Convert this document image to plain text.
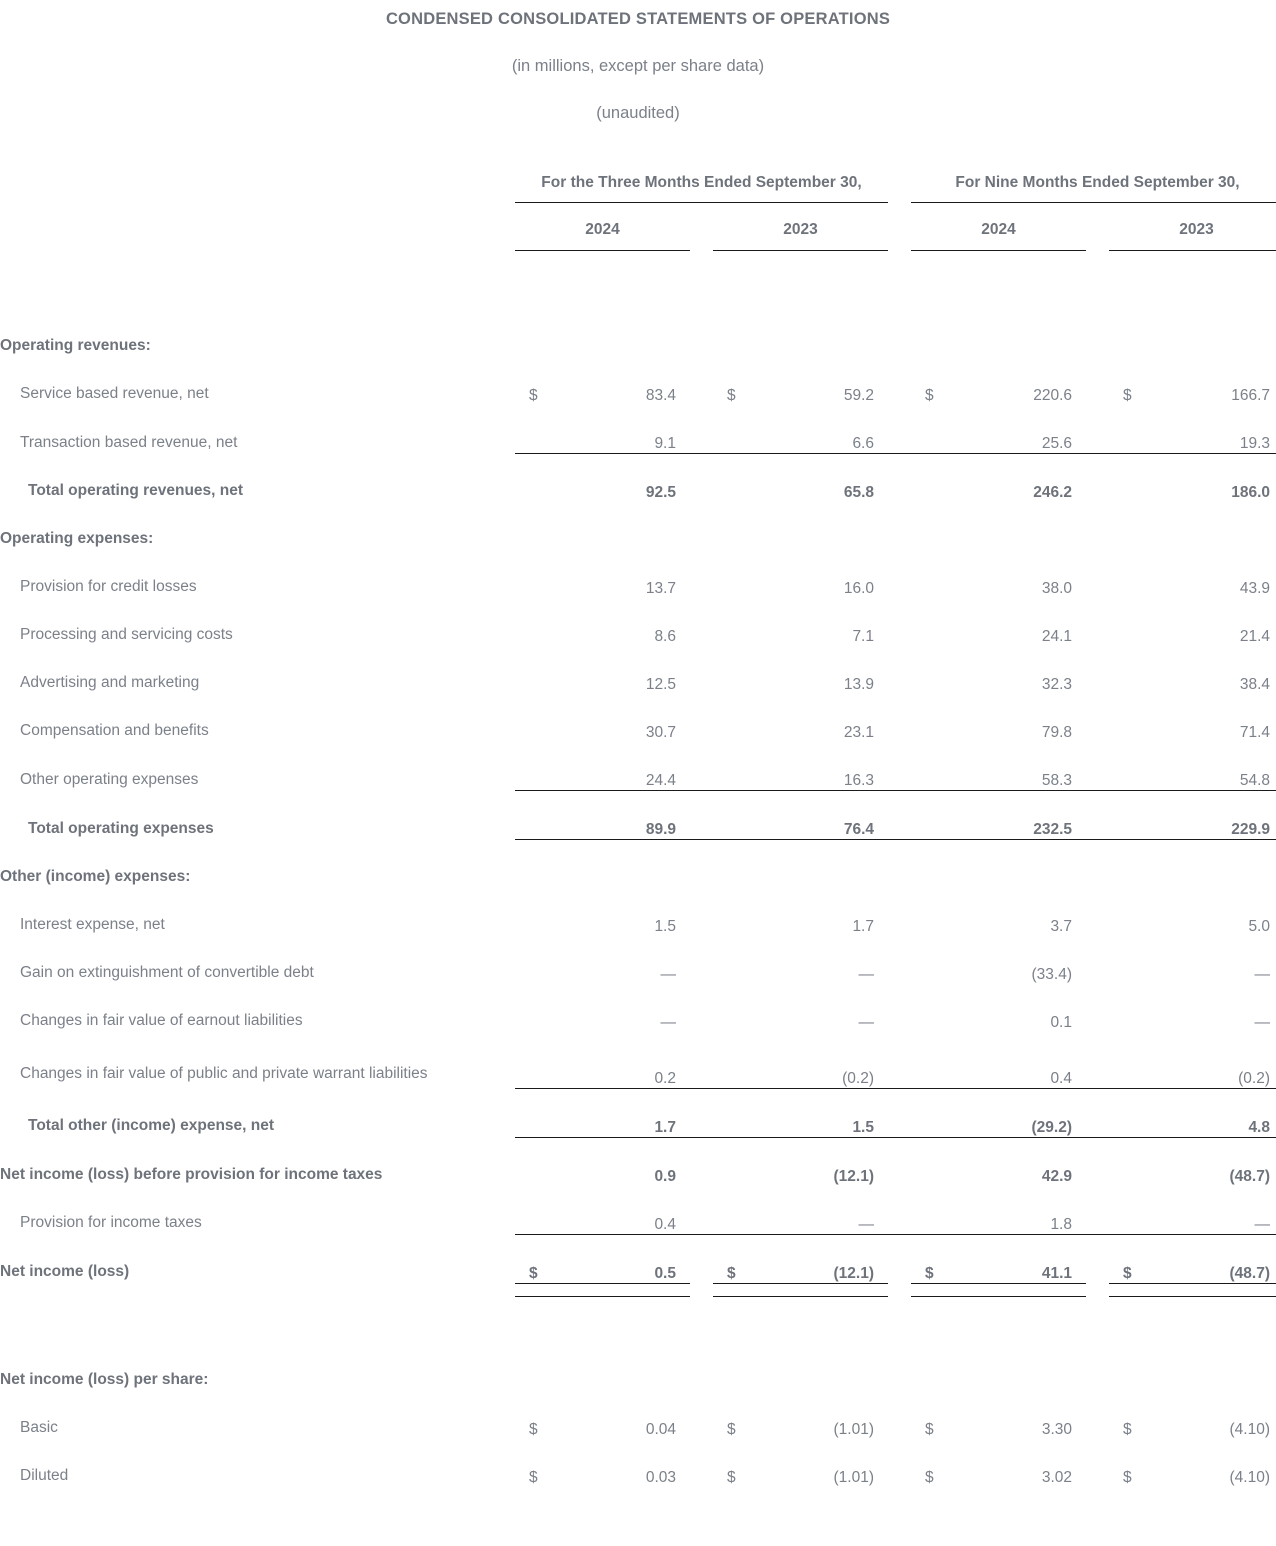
CONDENSED CONSOLIDATED STATEMENTS OF OPERATIONS
(in millions, except per share data)
(unaudited)
	For the Three Months Ended September 30,						For Nine Months Ended September 30,				
	2024			2023			2024			2023	

Operating revenues:											
Service based revenue, net	$	83.4		$	59.2		$	220.6		$	166.7
Transaction based revenue, net		9.1			6.6			25.6			19.3
Total operating revenues, net		92.5			65.8			246.2			186.0
Operating expenses:											
Provision for credit losses		13.7			16.0			38.0			43.9
Processing and servicing costs		8.6			7.1			24.1			21.4
Advertising and marketing		12.5			13.9			32.3			38.4
Compensation and benefits		30.7			23.1			79.8			71.4
Other operating expenses		24.4			16.3			58.3			54.8
Total operating expenses		89.9			76.4			232.5			229.9
Other (income) expenses:											
Interest expense, net		1.5			1.7			3.7			5.0
Gain on extinguishment of convertible debt		—			—			(33.4)			—
Changes in fair value of earnout liabilities		—			—			0.1			—
Changes in fair value of public and private warrant liabilities		0.2			(0.2)			0.4			(0.2)
Total other (income) expense, net		1.7			1.5			(29.2)			4.8
Net income (loss) before provision for income taxes		0.9			(12.1)			42.9			(48.7)
Provision for income taxes		0.4			—			1.8			—
Net income (loss)	$	0.5		$	(12.1)		$	41.1		$	(48.7)

Net income (loss) per share:											
Basic	$	0.04		$	(1.01)		$	3.30		$	(4.10)
Diluted	$	0.03		$	(1.01)		$	3.02		$	(4.10)
